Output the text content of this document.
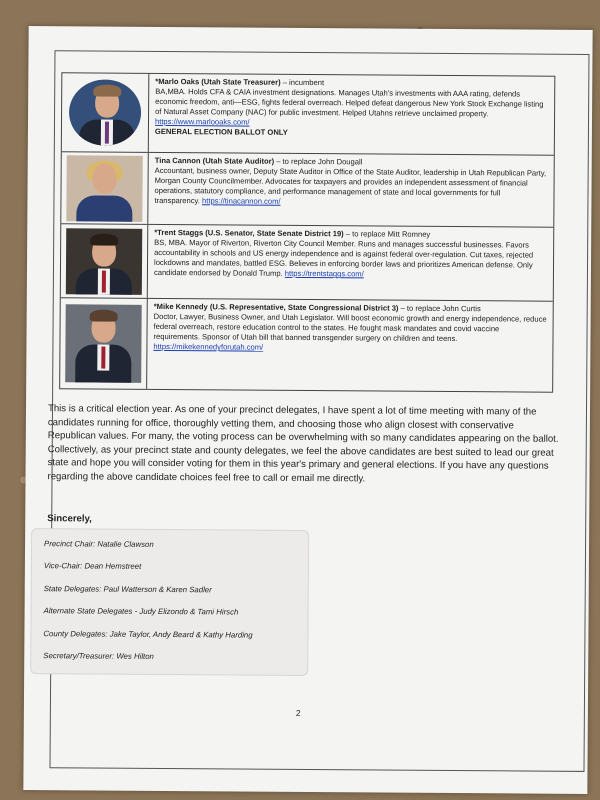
*Marlo Oaks (Utah State Treasurer) – incumbent
BA,MBA. Holds CFA & CAIA investment designations. Manages Utah's investments with AAA rating, defends economic freedom, anti—ESG, fights federal overreach. Helped defeat dangerous New York Stock Exchange listing of Natural Asset Company (NAC) for public investment. Helped Utahns retrieve unclaimed property. https://www.marlooaks.com/
GENERAL ELECTION BALLOT ONLY
Tina Cannon (Utah State Auditor) – to replace John Dougall
Accountant, business owner, Deputy State Auditor in Office of the State Auditor, leadership in Utah Republican Party, Morgan County Councilmember. Advocates for taxpayers and provides an independent assessment of financial operations, statutory compliance, and performance management of state and local governments for full transparency. https://tinacannon.com/
*Trent Staggs (U.S. Senator, State Senate District 19) – to replace Mitt Romney
BS, MBA. Mayor of Riverton, Riverton City Council Member. Runs and manages successful businesses. Favors accountability in schools and US energy independence and is against federal over-regulation. Cut taxes, rejected lockdowns and mandates, battled ESG. Believes in enforcing border laws and prioritizes American defense. Only candidate endorsed by Donald Trump. https://trentstaggs.com/
*Mike Kennedy (U.S. Representative, State Congressional District 3) – to replace John Curtis
Doctor, Lawyer, Business Owner, and Utah Legislator. Will boost economic growth and energy independence, reduce federal overreach, restore education control to the states. He fought mask mandates and covid vaccine requirements. Sponsor of Utah bill that banned transgender surgery on children and teens. https://mikekennedyforutah.com/
This is a critical election year. As one of your precinct delegates, I have spent a lot of time meeting with many of the candidates running for office, thoroughly vetting them, and choosing those who align closest with conservative Republican values. For many, the voting process can be overwhelming with so many candidates appearing on the ballot. Collectively, as your precinct state and county delegates, we feel the above candidates are best suited to lead our great state and hope you will consider voting for them in this year's primary and general elections. If you have any questions regarding the above candidate choices feel free to call or email me directly.
Sincerely,
Precinct Chair: Natalie Clawson
Vice-Chair: Dean Hemstreet
State Delegates: Paul Watterson & Karen Sadler
Alternate State Delegates - Judy Elizondo & Tami Hirsch
County Delegates: Jake Taylor, Andy Beard & Kathy Harding
Secretary/Treasurer: Wes Hilton
2
